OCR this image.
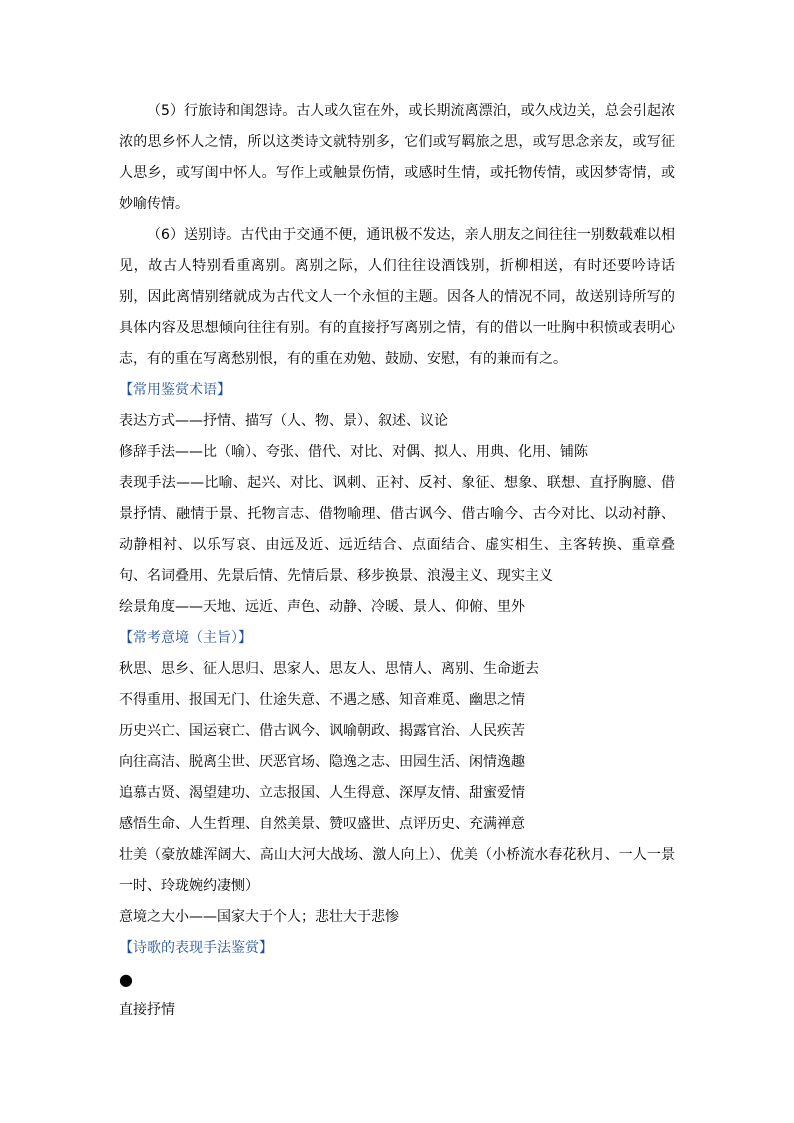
（5）行旅诗和闺怨诗。古人或久宦在外，或长期流离漂泊，或久戍边关，总会引起浓浓的思乡怀人之情，所以这类诗文就特别多，它们或写羁旅之思，或写思念亲友，或写征人思乡，或写闺中怀人。写作上或触景伤情，或感时生情，或托物传情，或因梦寄情，或妙喻传情。

（6）送别诗。古代由于交通不便，通讯极不发达，亲人朋友之间往往一别数载难以相见，故古人特别看重离别。离别之际，人们往往设酒饯别，折柳相送，有时还要吟诗话别，因此离情别绪就成为古代文人一个永恒的主题。因各人的情况不同，故送别诗所写的具体内容及思想倾向往往有别。有的直接抒写离别之情，有的借以一吐胸中积愤或表明心志，有的重在写离愁别恨，有的重在劝勉、鼓励、安慰，有的兼而有之。

【常用鉴赏术语】

表达方式——抒情、描写（人、物、景）、叙述、议论

修辞手法——比（喻）、夸张、借代、对比、对偶、拟人、用典、化用、铺陈

表现手法——比喻、起兴、对比、讽刺、正衬、反衬、象征、想象、联想、直抒胸臆、借景抒情、融情于景、托物言志、借物喻理、借古讽今、借古喻今、古今对比、以动衬静、动静相衬、以乐写哀、由远及近、远近结合、点面结合、虚实相生、主客转换、重章叠句、名词叠用、先景后情、先情后景、移步换景、浪漫主义、现实主义

绘景角度——天地、远近、声色、动静、冷暖、景人、仰俯、里外

【常考意境（主旨）】

秋思、思乡、征人思归、思家人、思友人、思情人、离别、生命逝去

不得重用、报国无门、仕途失意、不遇之感、知音难觅、幽思之情

历史兴亡、国运衰亡、借古讽今、讽喻朝政、揭露官治、人民疾苦

向往高洁、脱离尘世、厌恶官场、隐逸之志、田园生活、闲情逸趣

追慕古贤、渴望建功、立志报国、人生得意、深厚友情、甜蜜爱情

感悟生命、人生哲理、自然美景、赞叹盛世、点评历史、充满禅意

壮美（豪放雄浑阔大、高山大河大战场、激人向上）、优美（小桥流水春花秋月、一人一景一时、玲珑婉约凄恻）

意境之大小——国家大于个人；悲壮大于悲惨

【诗歌的表现手法鉴赏】

●

直接抒情
